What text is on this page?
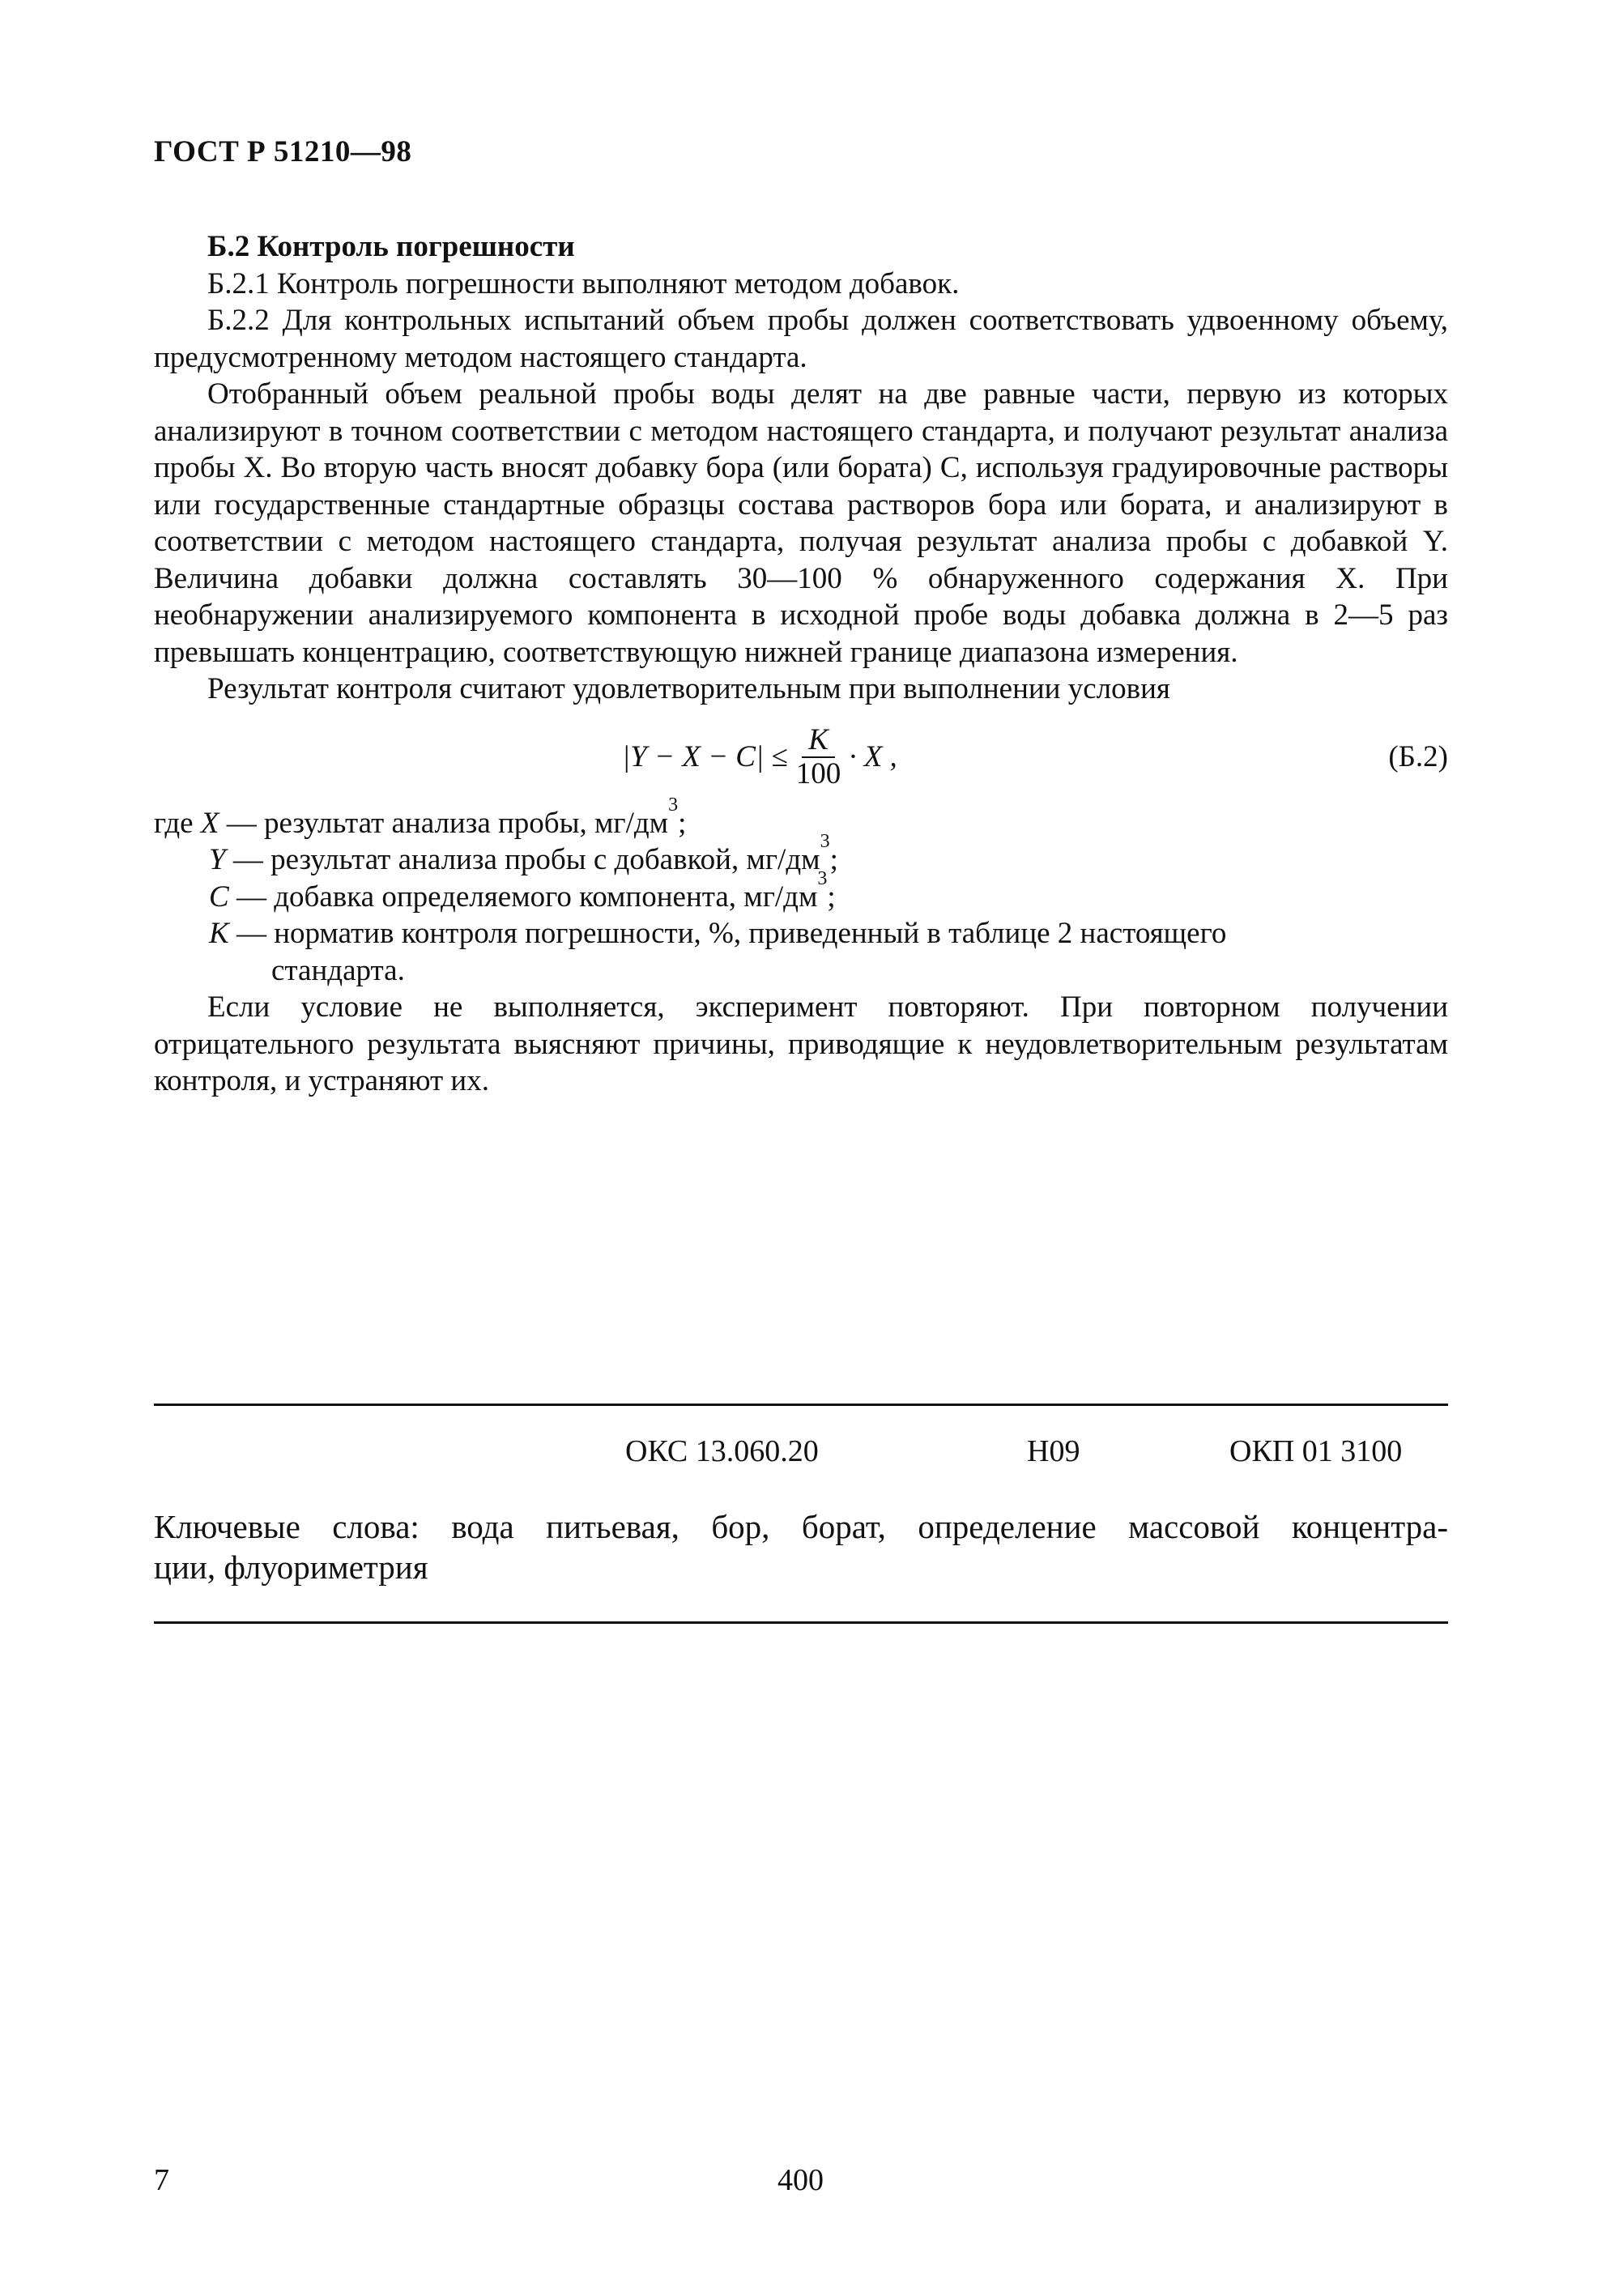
ГОСТ Р 51210—98

Б.2 Контроль погрешности

Б.2.1 Контроль погрешности выполняют методом добавок.

Б.2.2 Для контрольных испытаний объем пробы должен соответствовать удвоенному объему, предусмотренному методом настоящего стандарта.

Отобранный объем реальной пробы воды делят на две равные части, первую из которых анализируют в точном соответствии с методом настоящего стандарта, и получают результат анализа пробы X. Во вторую часть вносят добавку бора (или бората) C, используя градуировочные растворы или государственные стандартные образцы состава растворов бора или бората, и анализируют в соответствии с методом настоящего стандарта, получая результат анализа пробы с добавкой Y. Величина добавки должна составлять 30—100 % обнаруженного содержания X. При необнаружении анализируемого компонента в исходной пробе воды добавка должна в 2—5 раз превышать концентрацию, соответствующую нижней границе диапазона измерения.

Результат контроля считают удовлетворительным при выполнении условия

$|Y - X - C| \le \frac{K}{100} \cdot X$ ,	(Б.2)
где
X
— результат анализа пробы, мг/дм
3
;
Y
— результат анализа пробы с добавкой, мг/дм
3
;
C
— добавка определяемого компонента, мг/дм
3
;
K
— норматив контроля погрешности, %, приведенный в таблице 2 настоящего
стандарта.

Если условие не выполняется, эксперимент повторяют. При повторном получении отрицательного результата выясняют причины, приводящие к неудовлетворительным результатам контроля, и устраняют их.

ОКС 13.060.20	Н09	ОКП 01 3100
Ключевые слова: вода питьевая, бор, борат, определение массовой концентра-
ции, флуориметрия
7	400
